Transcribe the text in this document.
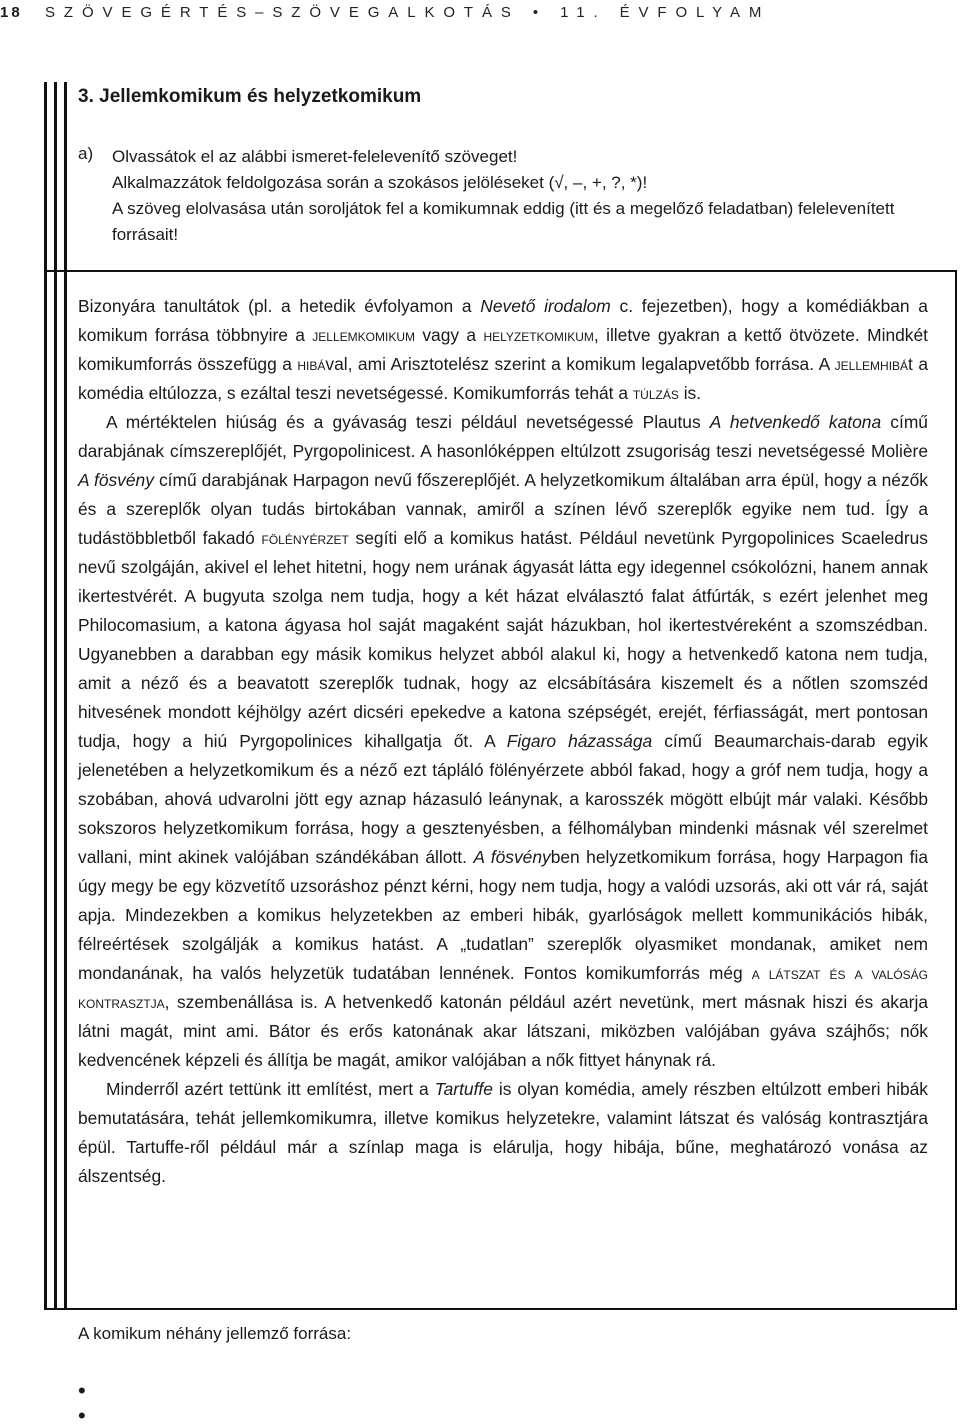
18 SZÖVEGÉRTÉS–SZÖVEGALKOTÁS • 11. ÉVFOLYAM
3. Jellemkomikum és helyzetkomikum
a) Olvassátok el az alábbi ismeret-felelevenítő szöveget!

Alkalmazzátok feldolgozása során a szokásos jelöléseket (√, –, +, ?, *)!

A szöveg elolvasása után soroljátok fel a komikumnak eddig (itt és a megelőző feladatban) felelevenített forrásait!

Bizonyára tanultátok (pl. a hetedik évfolyamon a Nevető irodalom c. fejezetben), hogy a komédiákban a komikum forrása többnyire a jellemkomikum vagy a helyzetkomikum, illetve gyakran a kettő ötvözete. Mindkét komikumforrás összefügg a hibával, ami Arisztotelész szerint a komikum legalapvetőbb forrása. A jellemhibát a komédia eltúlozza, s ezáltal teszi nevetségessé. Komikumforrás tehát a túlzás is.

A mértéktelen hiúság és a gyávaság teszi például nevetségessé Plautus A hetvenkedő katona című darabjának címszereplőjét, Pyrgopolinicest. A hasonlóképpen eltúlzott zsugoriság teszi nevetségessé Molière A fösvény című darabjának Harpagon nevű főszereplőjét. A helyzetkomikum általában arra épül, hogy a nézők és a szereplők olyan tudás birtokában vannak, amiről a színen lévő szereplők egyike nem tud. Így a tudástöbbletből fakadó fölényérzet segíti elő a komikus hatást. Például nevetünk Pyrgopolinices Scaeledrus nevű szolgáján, akivel el lehet hitetni, hogy nem urának ágyasát látta egy idegennel csókolózni, hanem annak ikertestvérét. A bugyuta szolga nem tudja, hogy a két házat elválasztó falat átfúrták, s ezért jelenhet meg Philocomasium, a katona ágyasa hol saját magaként saját házukban, hol ikertestvéreként a szomszédban. Ugyanebben a darabban egy másik komikus helyzet abból alakul ki, hogy a hetvenkedő katona nem tudja, amit a néző és a beavatott szereplők tudnak, hogy az elcsábítására kiszemelt és a nőtlen szomszéd hitvesének mondott kéjhölgy azért dicséri epekedve a katona szépségét, erejét, férfiasságát, mert pontosan tudja, hogy a hiú Pyrgopolinices kihallgatja őt. A Figaro házassága című Beaumarchais-darab egyik jelenetében a helyzetkomikum és a néző ezt tápláló fölényérzete abból fakad, hogy a gróf nem tudja, hogy a szobában, ahová udvarolni jött egy aznap házasuló leánynak, a karosszék mögött elbújt már valaki. Később sokszoros helyzetkomikum forrása, hogy a gesztenyésben, a félhomályban mindenki másnak vél szerelmet vallani, mint akinek valójában szándékában állott. A fösvényben helyzetkomikum forrása, hogy Harpagon fia úgy megy be egy közvetítő uzsoráshoz pénzt kérni, hogy nem tudja, hogy a valódi uzsorás, aki ott vár rá, saját apja. Mindezekben a komikus helyzetekben az emberi hibák, gyarlóságok mellett kommunikációs hibák, félreértések szolgálják a komikus hatást. A „tudatlan” szereplők olyasmiket mondanak, amiket nem mondanának, ha valós helyzetük tudatában lennének. Fontos komikumforrás még a látszat és a valóság kontrasztja, szembenállása is. A hetvenkedő katonán például azért nevetünk, mert másnak hiszi és akarja látni magát, mint ami. Bátor és erős katonának akar látszani, miközben valójában gyáva szájhős; nők kedvencének képzeli és állítja be magát, amikor valójában a nők fittyet hánynak rá.

Minderről azért tettünk itt említést, mert a Tartuffe is olyan komédia, amely részben eltúlzott emberi hibák bemutatására, tehát jellemkomikumra, illetve komikus helyzetekre, valamint látszat és valóság kontrasztjára épül. Tartuffe-ről például már a színlap maga is elárulja, hogy hibája, bűne, meghatározó vonása az álszentség.

A komikum néhány jellemző forrása:
•
•
